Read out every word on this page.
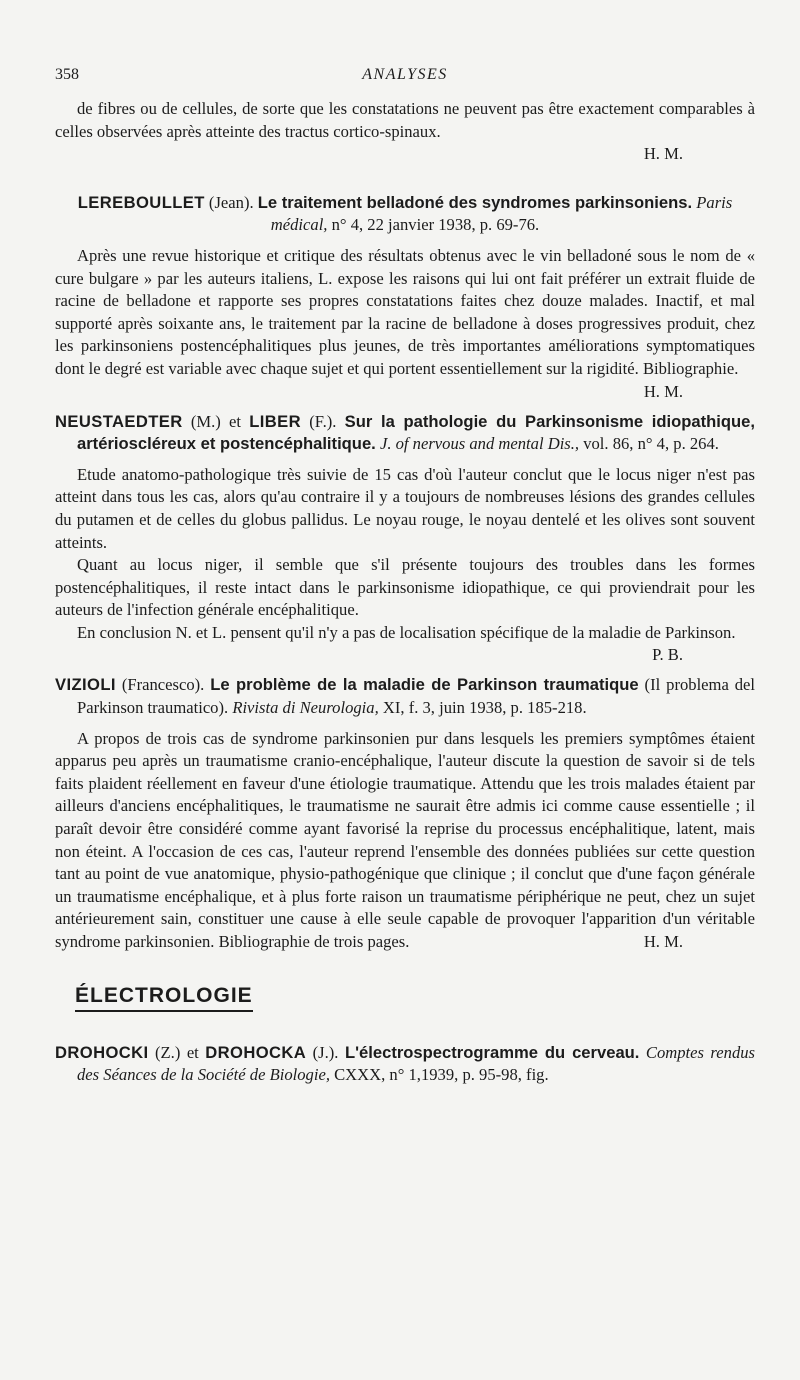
358	ANALYSES

de fibres ou de cellules, de sorte que les constatations ne peuvent pas être exactement comparables à celles observées après atteinte des tractus cortico-spinaux.

H. M.

LEREBOULLET (Jean). Le traitement belladoné des syndromes parkinsoniens. Paris médical, n° 4, 22 janvier 1938, p. 69-76.

Après une revue historique et critique des résultats obtenus avec le vin belladoné sous le nom de « cure bulgare » par les auteurs italiens, L. expose les raisons qui lui ont fait préférer un extrait fluide de racine de belladone et rapporte ses propres constatations faites chez douze malades. Inactif, et mal supporté après soixante ans, le traitement par la racine de belladone à doses progressives produit, chez les parkinsoniens postencéphalitiques plus jeunes, de très importantes améliorations symptomatiques dont le degré est variable avec chaque sujet et qui portent essentiellement sur la rigidité. Bibliographie.
H. M.

NEUSTAEDTER (M.) et LIBER (F.). Sur la pathologie du Parkinsonisme idiopathique, artérioscléreux et postencéphalitique. J. of nervous and mental Dis., vol. 86, n° 4, p. 264.

Etude anatomo-pathologique très suivie de 15 cas d'où l'auteur conclut que le locus niger n'est pas atteint dans tous les cas, alors qu'au contraire il y a toujours de nombreuses lésions des grandes cellules du putamen et de celles du globus pallidus. Le noyau rouge, le noyau dentelé et les olives sont souvent atteints.

Quant au locus niger, il semble que s'il présente toujours des troubles dans les formes postencéphalitiques, il reste intact dans le parkinsonisme idiopathique, ce qui proviendrait pour les auteurs de l'infection générale encéphalitique.

En conclusion N. et L. pensent qu'il n'y a pas de localisation spécifique de la maladie de Parkinson.
P. B.

VIZIOLI (Francesco). Le problème de la maladie de Parkinson traumatique (Il problema del Parkinson traumatico). Rivista di Neurologia, XI, f. 3, juin 1938, p. 185-218.

A propos de trois cas de syndrome parkinsonien pur dans lesquels les premiers symptômes étaient apparus peu après un traumatisme cranio-encéphalique, l'auteur discute la question de savoir si de tels faits plaident réellement en faveur d'une étiologie traumatique. Attendu que les trois malades étaient par ailleurs d'anciens encéphalitiques, le traumatisme ne saurait être admis ici comme cause essentielle ; il paraît devoir être considéré comme ayant favorisé la reprise du processus encéphalitique, latent, mais non éteint. A l'occasion de ces cas, l'auteur reprend l'ensemble des données publiées sur cette question tant au point de vue anatomique, physio-pathogénique que clinique ; il conclut que d'une façon générale un traumatisme encéphalique, et à plus forte raison un traumatisme périphérique ne peut, chez un sujet antérieurement sain, constituer une cause à elle seule capable de provoquer l'apparition d'un véritable syndrome parkinsonien. Bibliographie de trois pages.	H. M.

ÉLECTROLOGIE

DROHOCKI (Z.) et DROHOCKA (J.). L'électrospectrogramme du cerveau. Comptes rendus des Séances de la Société de Biologie, CXXX, n° 1,1939, p. 95-98, fig.
